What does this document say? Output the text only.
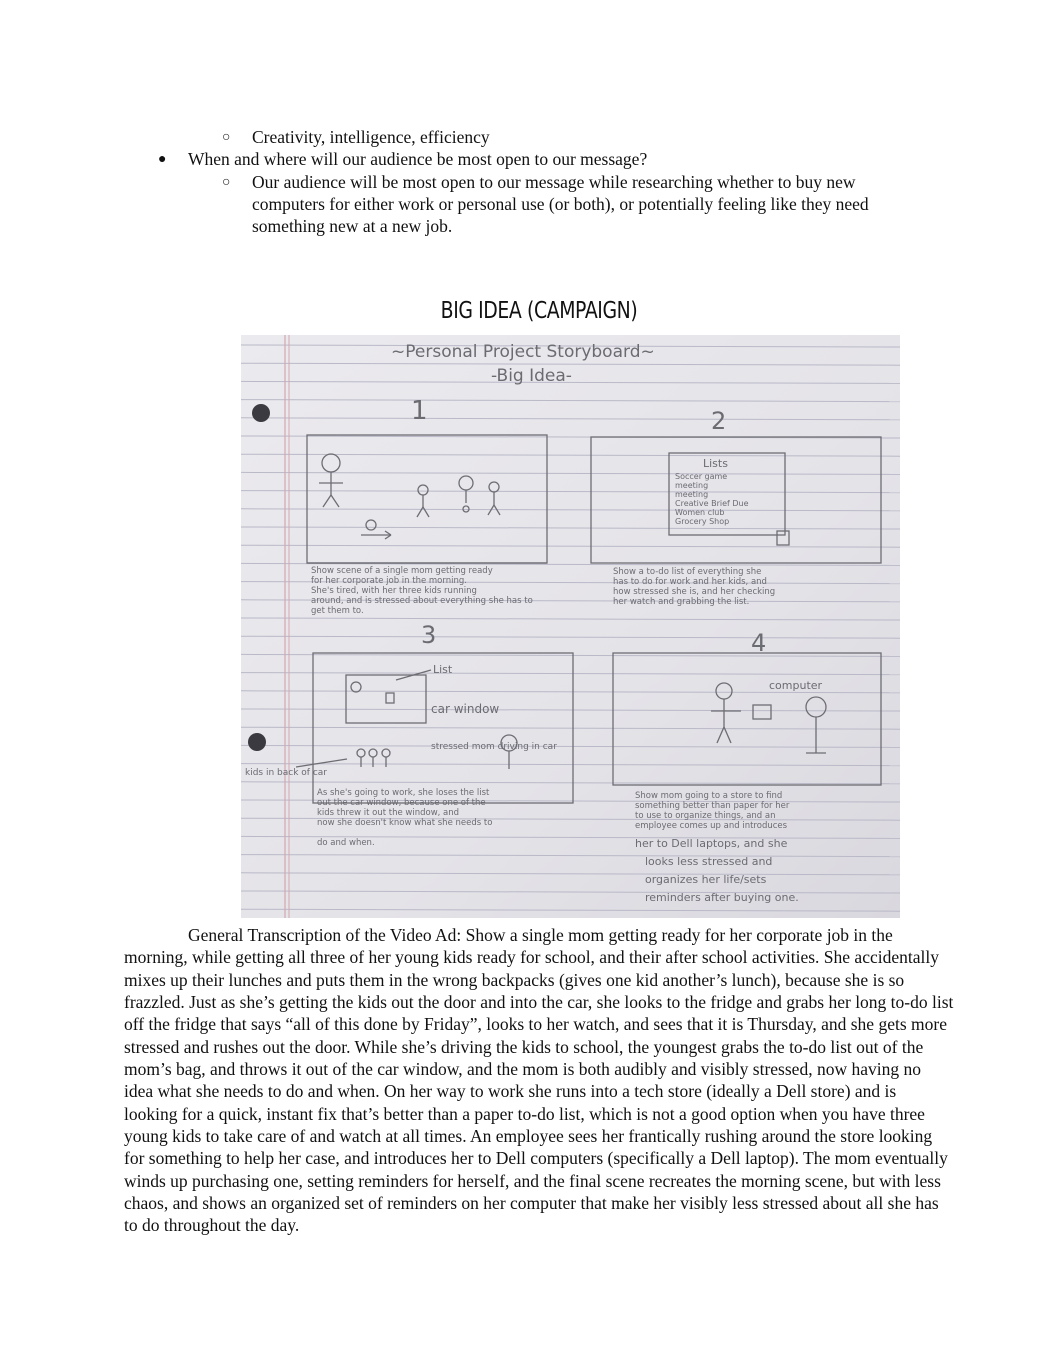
○ Creativity, intelligence, efficiency
● When and where will our audience be most open to our message?
○ Our audience will be most open to our message while researching whether to buy new
computers for either work or personal use (or both), or potentially feeling like they need
something new at a new job.
BIG IDEA (CAMPAIGN)
~Personal Project Storyboard~
-Big Idea-
1	2
3	4
Show scene of a single mom getting ready
for her corporate job in the morning.
She's tired, with her three kids running
around, and is stressed about everything she has to
get them to.
Lists
Soccer game
meeting
meeting
Creative Brief Due
Women club
Grocery Shop
Show a to-do list of everything she
has to do for work and her kids, and
how stressed she is, and her checking
her watch and grabbing the list.
List
car window
stressed mom driving in car
kids in back of car
As she's going to work, she loses the list
out the car window, because one of the
kids threw it out the window, and
now she doesn't know what she needs to
do and when.
computer
Show mom going to a store to find
something better than paper for her
to use to organize things, and an
employee comes up and introduces
her to Dell laptops, and she
looks less stressed and
organizes her life/sets
reminders after buying one.

General Transcription of the Video Ad: Show a single mom getting ready for her corporate job in the morning, while getting all three of her young kids ready for school, and their after school activities. She accidentally mixes up their lunches and puts them in the wrong backpacks (gives one kid another’s lunch), because she is so frazzled. Just as she’s getting the kids out the door and into the car, she looks to the fridge and grabs her long to-do list off the fridge that says “all of this done by Friday”, looks to her watch, and sees that it is Thursday, and she gets more stressed and rushes out the door. While she’s driving the kids to school, the youngest grabs the to-do list out of the mom’s bag, and throws it out of the car window, and the mom is both audibly and visibly stressed, now having no idea what she needs to do and when. On her way to work she runs into a tech store (ideally a Dell store) and is looking for a quick, instant fix that’s better than a paper to-do list, which is not a good option when you have three young kids to take care of and watch at all times. An employee sees her frantically rushing around the store looking for something to help her case, and introduces her to Dell computers (specifically a Dell laptop). The mom eventually winds up purchasing one, setting reminders for herself, and the final scene recreates the morning scene, but with less chaos, and shows an organized set of reminders on her computer that make her visibly less stressed about all she has to do throughout the day.
